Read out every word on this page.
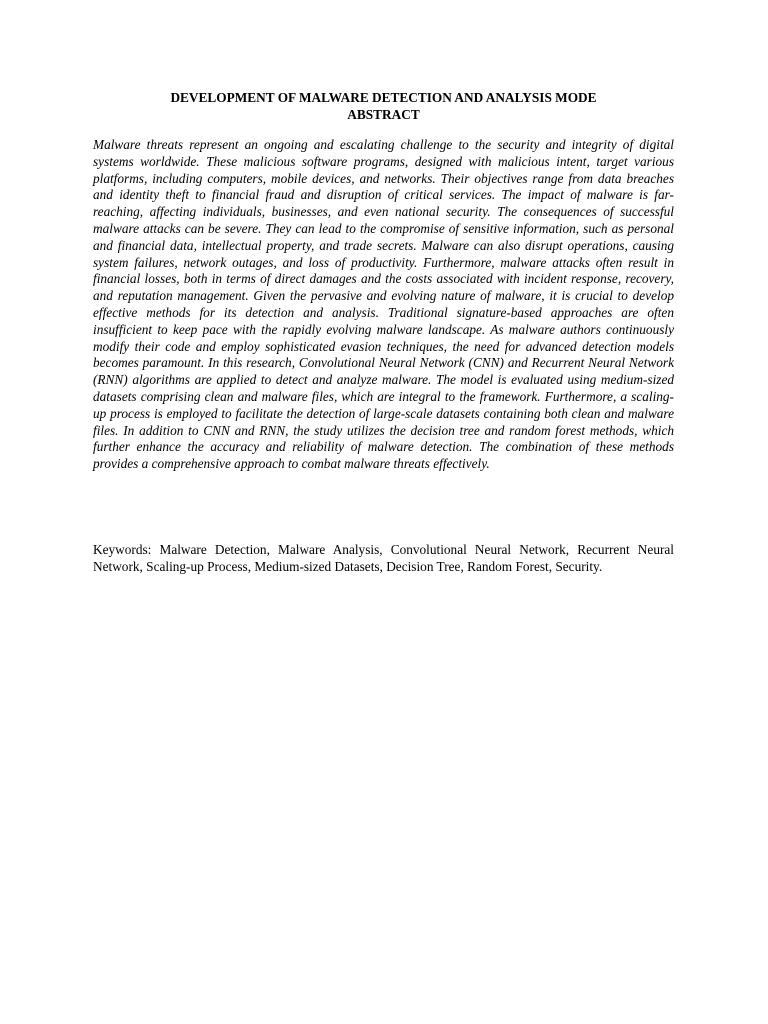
DEVELOPMENT OF MALWARE DETECTION AND ANALYSIS MODE
ABSTRACT

Malware threats represent an ongoing and escalating challenge to the security and integrity of digital systems worldwide. These malicious software programs, designed with malicious intent, target various platforms, including computers, mobile devices, and networks. Their objectives range from data breaches and identity theft to financial fraud and disruption of critical services. The impact of malware is far-reaching, affecting individuals, businesses, and even national security. The consequences of successful malware attacks can be severe. They can lead to the compromise of sensitive information, such as personal and financial data, intellectual property, and trade secrets. Malware can also disrupt operations, causing system failures, network outages, and loss of productivity. Furthermore, malware attacks often result in financial losses, both in terms of direct damages and the costs associated with incident response, recovery, and reputation management. Given the pervasive and evolving nature of malware, it is crucial to develop effective methods for its detection and analysis. Traditional signature-based approaches are often insufficient to keep pace with the rapidly evolving malware landscape. As malware authors continuously modify their code and employ sophisticated evasion techniques, the need for advanced detection models becomes paramount. In this research, Convolutional Neural Network (CNN) and Recurrent Neural Network (RNN) algorithms are applied to detect and analyze malware. The model is evaluated using medium-sized datasets comprising clean and malware files, which are integral to the framework. Furthermore, a scaling-up process is employed to facilitate the detection of large-scale datasets containing both clean and malware files. In addition to CNN and RNN, the study utilizes the decision tree and random forest methods, which further enhance the accuracy and reliability of malware detection. The combination of these methods provides a comprehensive approach to combat malware threats effectively.

Keywords: Malware Detection, Malware Analysis, Convolutional Neural Network, Recurrent Neural Network, Scaling-up Process, Medium-sized Datasets, Decision Tree, Random Forest, Security.
